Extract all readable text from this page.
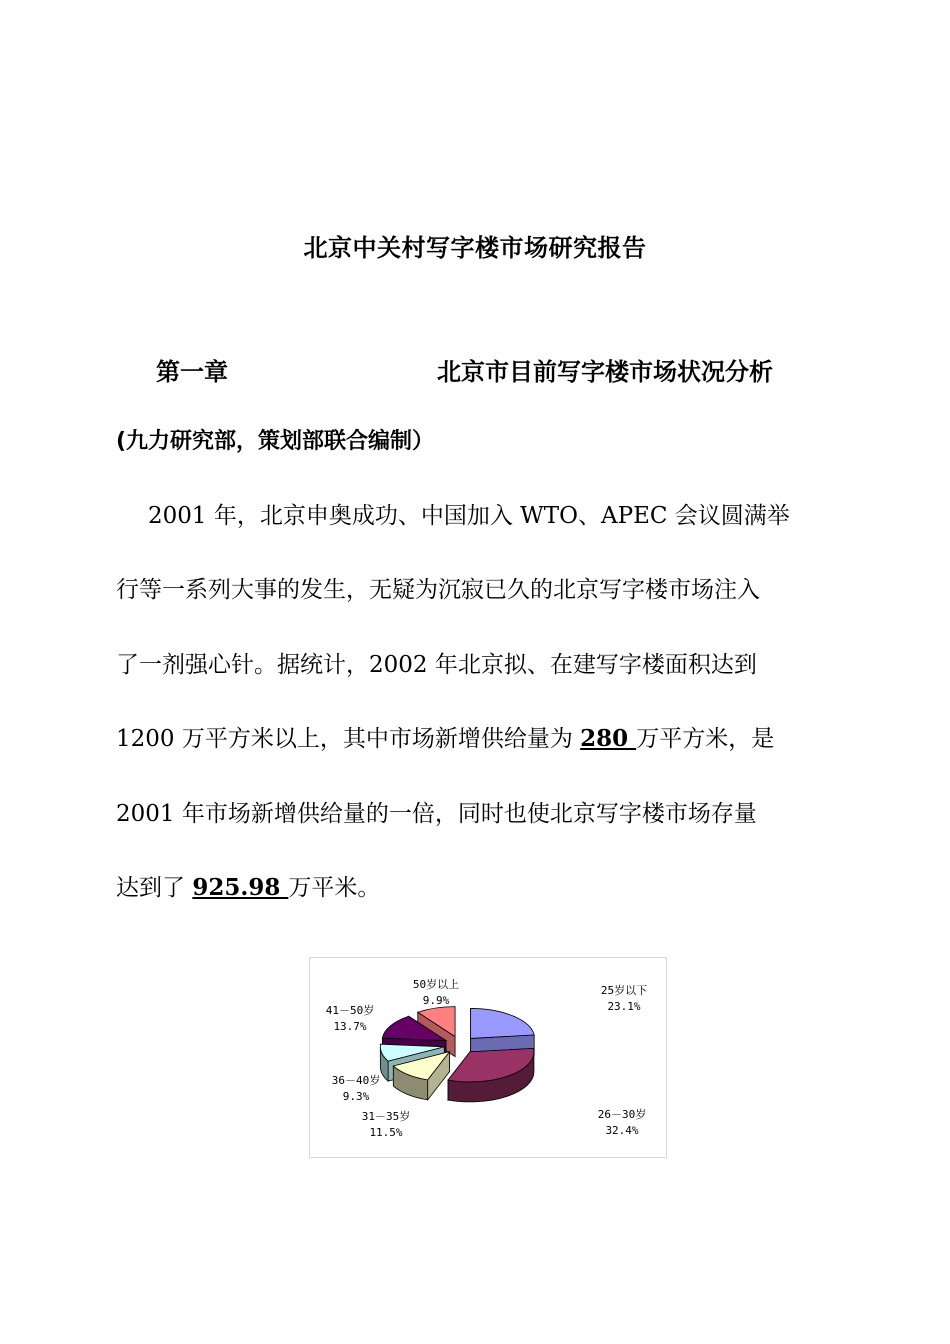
北京中关村写字楼市场研究报告
第一章	北京市目前写字楼市场状况分析
(九力研究部，策划部联合编制）
2001 年，北京申奥成功、中国加入 WTO、APEC 会议圆满举
行等一系列大事的发生，无疑为沉寂已久的北京写字楼市场注入
了一剂强心针。据统计，2002 年北京拟、在建写字楼面积达到
1200 万平方米以上，其中市场新增供给量为 280 万平方米，是
2001 年市场新增供给量的一倍，同时也使北京写字楼市场存量
达到了 925.98 万平米。
25岁以下
23.1%
26－30岁
32.4%
31－35岁
11.5%
36－40岁
9.3%
41－50岁
13.7%
50岁以上
9.9%
